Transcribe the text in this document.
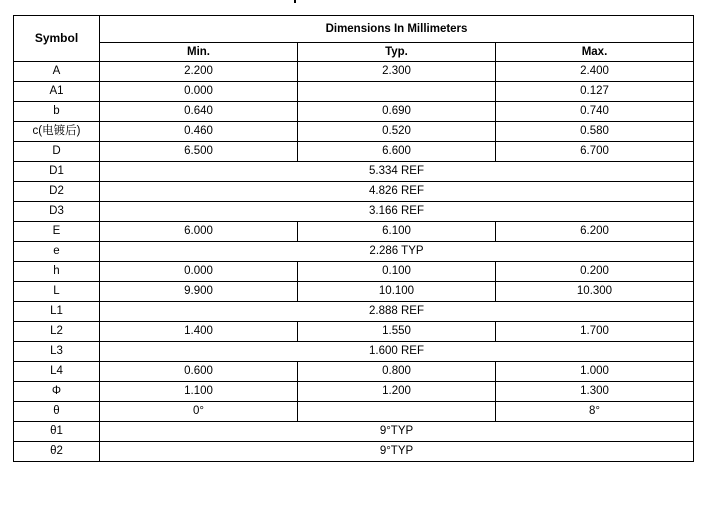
Symbol	Dimensions In Millimeters		
	Min.	Typ.	Max.
A	2.200	2.300	2.400
A1	0.000		0.127
b	0.640	0.690	0.740
c(电镀后)	0.460	0.520	0.580
D	6.500	6.600	6.700
D1	5.334 REF		
D2	4.826 REF		
D3	3.166 REF		
E	6.000	6.100	6.200
e	2.286 TYP		
h	0.000	0.100	0.200
L	9.900	10.100	10.300
L1	2.888 REF		
L2	1.400	1.550	1.700
L3	1.600 REF		
L4	0.600	0.800	1.000
Φ	1.100	1.200	1.300
θ	0°		8°
θ1	9°TYP		
θ2	9°TYP		
